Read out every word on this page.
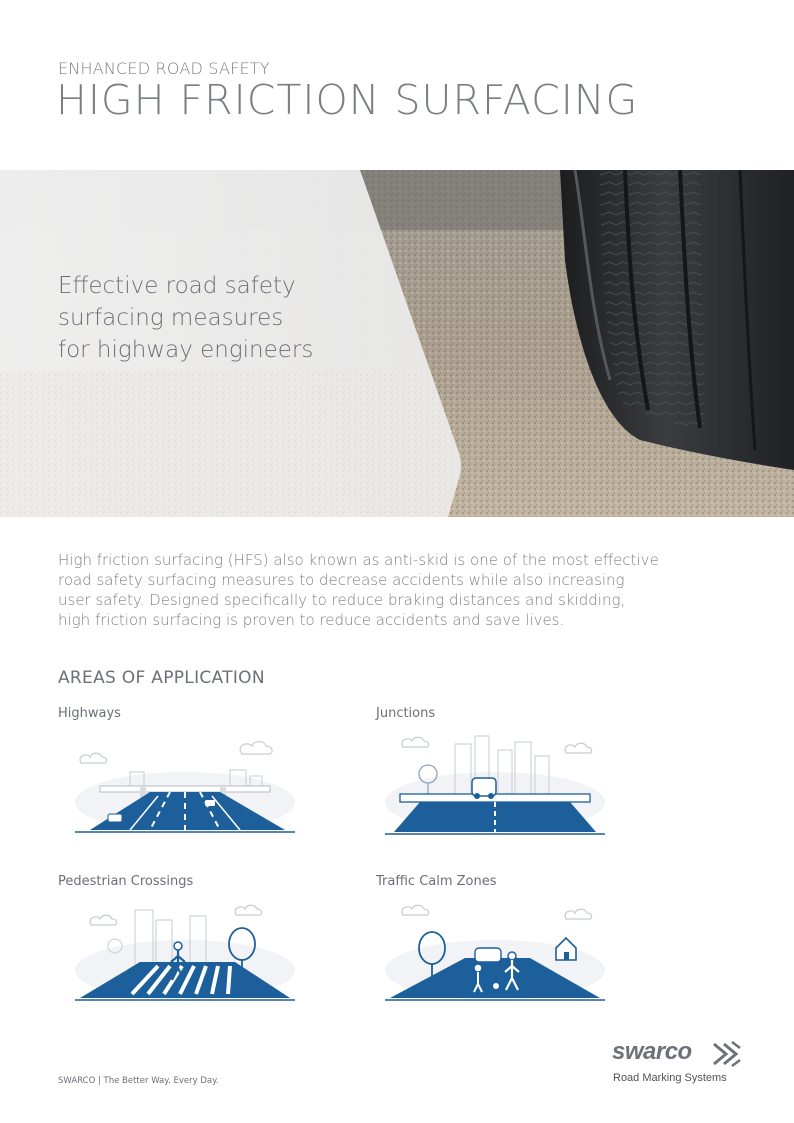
ENHANCED ROAD SAFETY
HIGH FRICTION SURFACING
Effective road safety
surfacing measures
for highway engineers
High friction surfacing (HFS) also known as anti-skid is one of the most effective
road safety surfacing measures to decrease accidents while also increasing
user safety. Designed specifically to reduce braking distances and skidding,
high friction surfacing is proven to reduce accidents and save lives.
AREAS OF APPLICATION
Highways	Junctions
Pedestrian Crossings	Traffic Calm Zones
SWARCO | The Better Way. Every Day.
swarco
Road Marking Systems
